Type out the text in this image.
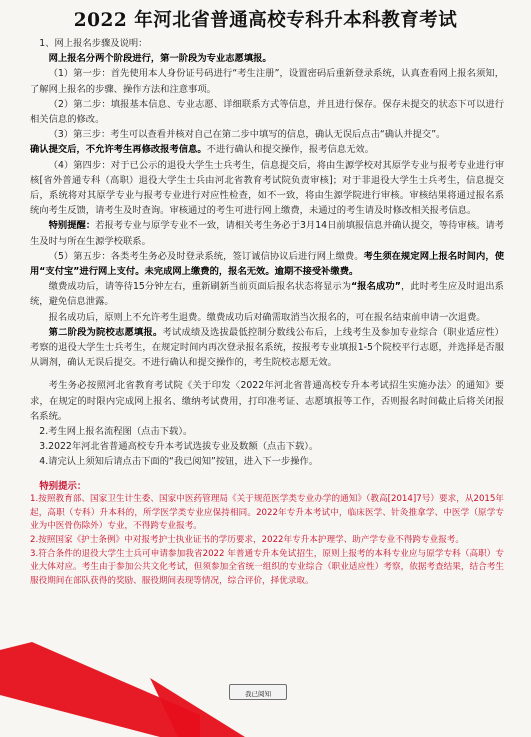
2022 年河北省普通高校专科升本科教育考试

1、网上报名步骤及说明：

网上报名分两个阶段进行，第一阶段为专业志愿填报。

（1）第一步：首先使用本人身份证号码进行“考生注册”，设置密码后重新登录系统，认真查看网上报名须知，了解网上报名的步骤、操作方法和注意事项。

（2）第二步：填报基本信息、专业志愿、详细联系方式等信息，并且进行保存。保存未提交的状态下可以进行相关信息的修改。

（3）第三步：考生可以查看并核对自己在第二步中填写的信息，确认无误后点击“确认并提交”。

确认提交后，不允许考生再修改报考信息。不进行确认和提交操作，报考信息无效。

（4）第四步：对于已公示的退役大学生士兵考生，信息提交后，将由生源学校对其原学专业与报考专业进行审核[省外普通专科（高职）退役大学生士兵由河北省教育考试院负责审核]；对于非退役大学生士兵考生，信息提交后，系统将对其原学专业与报考专业进行对应性检查，如不一致，将由生源学院进行审核。审核结果将通过报名系统向考生反馈，请考生及时查询。审核通过的考生可进行网上缴费，未通过的考生请及时修改相关报考信息。

特别提醒：若报考专业与原学专业不一致，请相关考生务必于3月14日前填报信息并确认提交，等待审核。请考生及时与所在生源学校联系。

（5）第五步：各类考生务必及时登录系统，签订诚信协议后进行网上缴费。考生须在规定网上报名时间内，使用“支付宝”进行网上支付。未完成网上缴费的，报名无效。逾期不接受补缴费。

缴费成功后，请等待15分钟左右，重新刷新当前页面后报名状态将显示为“报名成功”，此时考生应及时退出系统，避免信息泄露。

报名成功后，原则上不允许考生退费。缴费成功后对确需取消当次报名的，可在报名结束前申请一次退费。

第二阶段为院校志愿填报。考试成绩及选拔最低控制分数线公布后，上线考生及参加专业综合（职业适应性）考察的退役大学生士兵考生，在规定时间内再次登录报名系统，按报考专业填报1-5个院校平行志愿，并选择是否服从调剂，确认无误后提交。不进行确认和提交操作的，考生院校志愿无效。

考生务必按照河北省教育考试院《关于印发〈2022年河北省普通高校专升本考试招生实施办法〉的通知》要求，在规定的时限内完成网上报名、缴纳考试费用，打印准考证、志愿填报等工作，否则报名时间截止后将关闭报名系统。

2.考生网上报名流程图（点击下载）。

3.2022年河北省普通高校专升本考试选拔专业及数额（点击下载）。

4.请完认上须知后请点击下面的“我已阅知”按钮，进入下一步操作。

特别提示：

1.按照教育部、国家卫生计生委、国家中医药管理局《关于规范医学类专业办学的通知》（教高[2014]7号）要求，从2015年起，高职（专科）升本科的，所学医学类专业应保持相同。2022年专升本考试中，临床医学、针灸推拿学、中医学（原学专业为中医骨伤除外）专业，不得跨专业报考。

2.按照国家《护士条例》中对报考护士执业证书的学历要求，2022年专升本护理学、助产学专业不得跨专业报考。

3.符合条件的退役大学生士兵可申请参加我省2022 年普通专升本免试招生，原则上报考的本科专业应与原学专科（高职）专业大体对应。考生由于参加公共文化考试，但须参加全省统一组织的专业综合（职业适应性）考察，依据考查结果，结合考生服役期间在部队获得的奖励、服役期间表现等情况，综合评价，择优录取。

我已阅知
